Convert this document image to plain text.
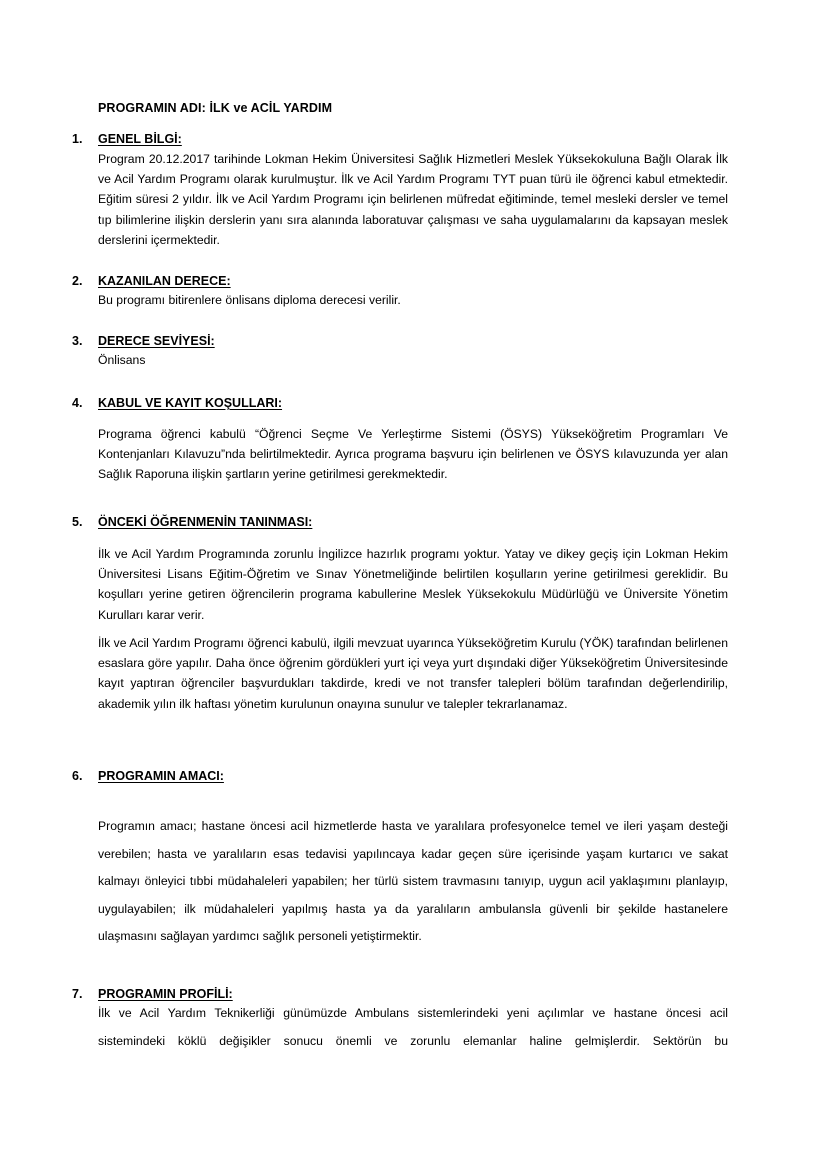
PROGRAMIN ADI: İLK ve ACİL YARDIM
1. GENEL BİLGİ:

Program 20.12.2017 tarihinde Lokman Hekim Üniversitesi Sağlık Hizmetleri Meslek Yüksekokuluna Bağlı Olarak İlk ve Acil Yardım Programı olarak kurulmuştur. İlk ve Acil Yardım Programı TYT puan türü ile öğrenci kabul etmektedir. Eğitim süresi 2 yıldır. İlk ve Acil Yardım Programı için belirlenen müfredat eğitiminde, temel mesleki dersler ve temel tıp bilimlerine ilişkin derslerin yanı sıra alanında laboratuvar çalışması ve saha uygulamalarını da kapsayan meslek derslerini içermektedir.

2. KAZANILAN DERECE:
Bu programı bitirenlere önlisans diploma derecesi verilir.
3. DERECE SEVİYESİ:
Önlisans
4. KABUL VE KAYIT KOŞULLARI:

Programa öğrenci kabulü “Öğrenci Seçme Ve Yerleştirme Sistemi (ÖSYS) Yükseköğretim Programları Ve Kontenjanları Kılavuzu”nda belirtilmektedir. Ayrıca programa başvuru için belirlenen ve ÖSYS kılavuzunda yer alan Sağlık Raporuna ilişkin şartların yerine getirilmesi gerekmektedir.

5. ÖNCEKİ ÖĞRENMENİN TANINMASI:

İlk ve Acil Yardım Programında zorunlu İngilizce hazırlık programı yoktur. Yatay ve dikey geçiş için Lokman Hekim Üniversitesi Lisans Eğitim-Öğretim ve Sınav Yönetmeliğinde belirtilen koşulların yerine getirilmesi gereklidir. Bu koşulları yerine getiren öğrencilerin programa kabullerine Meslek Yüksekokulu Müdürlüğü ve Üniversite Yönetim Kurulları karar verir.

İlk ve Acil Yardım Programı öğrenci kabulü, ilgili mevzuat uyarınca Yükseköğretim Kurulu (YÖK) tarafından belirlenen esaslara göre yapılır. Daha önce öğrenim gördükleri yurt içi veya yurt dışındaki diğer Yükseköğretim Üniversitesinde kayıt yaptıran öğrenciler başvurdukları takdirde, kredi ve not transfer talepleri bölüm tarafından değerlendirilip, akademik yılın ilk haftası yönetim kurulunun onayına sunulur ve talepler tekrarlanamaz.

6. PROGRAMIN AMACI:

Programın amacı; hastane öncesi acil hizmetlerde hasta ve yaralılara profesyonelce temel ve ileri yaşam desteği verebilen; hasta ve yaralıların esas tedavisi yapılıncaya kadar geçen süre içerisinde yaşam kurtarıcı ve sakat kalmayı önleyici tıbbi müdahaleleri yapabilen; her türlü sistem travmasını tanıyıp, uygun acil yaklaşımını planlayıp, uygulayabilen; ilk müdahaleleri yapılmış hasta ya da yaralıların ambulansla güvenli bir şekilde hastanelere ulaşmasını sağlayan yardımcı sağlık personeli yetiştirmektir.

7. PROGRAMIN PROFİLİ:

İlk ve Acil Yardım Teknikerliği günümüzde Ambulans sistemlerindeki yeni açılımlar ve hastane öncesi acil sistemindeki köklü değişikler sonucu önemli ve zorunlu elemanlar haline gelmişlerdir. Sektörün bu
